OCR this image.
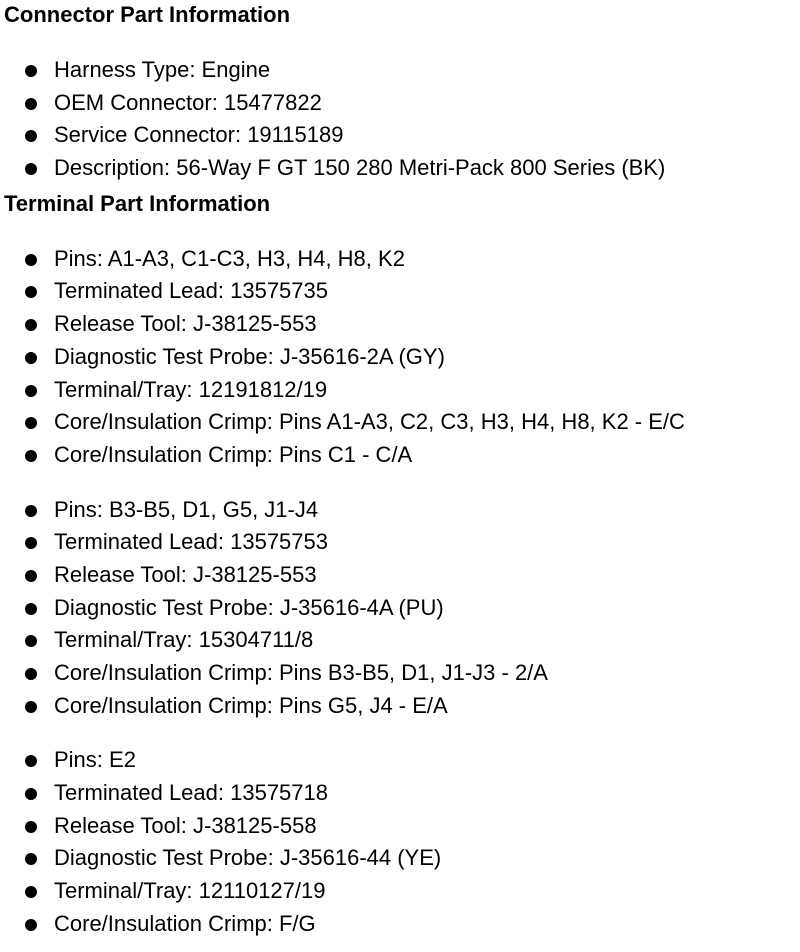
Connector Part Information
Harness Type: Engine
OEM Connector: 15477822
Service Connector: 19115189
Description: 56-Way F GT 150 280 Metri-Pack 800 Series (BK)
Terminal Part Information
Pins: A1-A3, C1-C3, H3, H4, H8, K2
Terminated Lead: 13575735
Release Tool: J-38125-553
Diagnostic Test Probe: J-35616-2A (GY)
Terminal/Tray: 12191812/19
Core/Insulation Crimp: Pins A1-A3, C2, C3, H3, H4, H8, K2 - E/C
Core/Insulation Crimp: Pins C1 - C/A
Pins: B3-B5, D1, G5, J1-J4
Terminated Lead: 13575753
Release Tool: J-38125-553
Diagnostic Test Probe: J-35616-4A (PU)
Terminal/Tray: 15304711/8
Core/Insulation Crimp: Pins B3-B5, D1, J1-J3 - 2/A
Core/Insulation Crimp: Pins G5, J4 - E/A
Pins: E2
Terminated Lead: 13575718
Release Tool: J-38125-558
Diagnostic Test Probe: J-35616-44 (YE)
Terminal/Tray: 12110127/19
Core/Insulation Crimp: F/G
